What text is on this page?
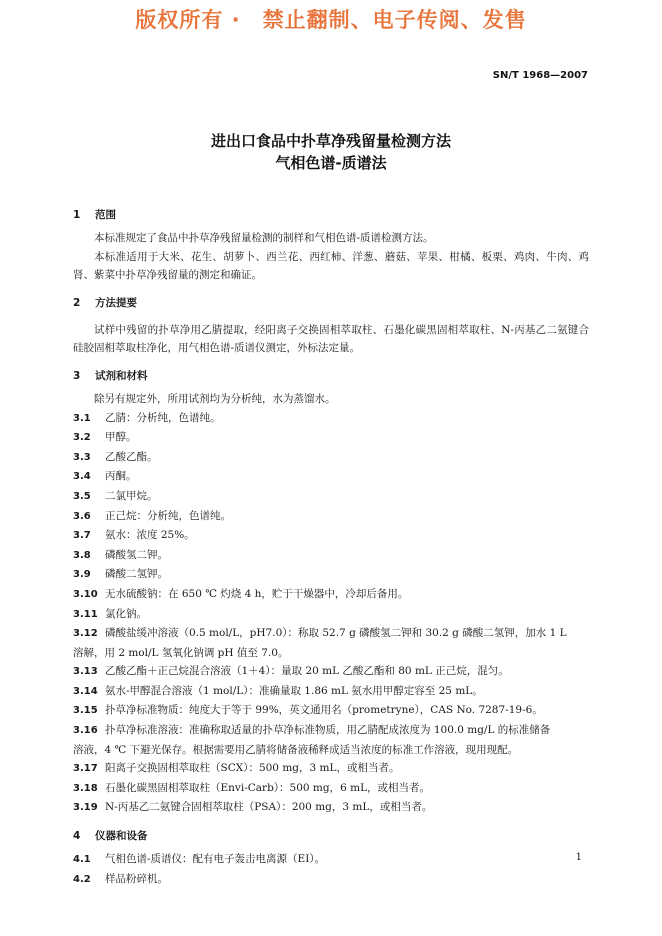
版权所有 ·　禁止翻制、电子传阅、发售
SN/T 1968—2007
进出口食品中扑草净残留量检测方法
气相色谱-质谱法

1 范围

本标准规定了食品中扑草净残留量检测的制样和气相色谱-质谱检测方法。

本标准适用于大米、花生、胡萝卜、西兰花、西红柿、洋葱、蘑菇、苹果、柑橘、板栗、鸡肉、牛肉、鸡肾、紫菜中扑草净残留量的测定和确证。

2 方法提要

试样中残留的扑草净用乙腈提取，经阳离子交换固相萃取柱、石墨化碳黑固相萃取柱、N-丙基乙二氨键合硅胶固相萃取柱净化，用气相色谱-质谱仪测定，外标法定量。

3 试剂和材料

除另有规定外，所用试剂均为分析纯，水为蒸馏水。

3.1 乙腈：分析纯，色谱纯。

3.2 甲醇。

3.3 乙酸乙酯。

3.4 丙酮。

3.5 二氯甲烷。

3.6 正己烷：分析纯，色谱纯。

3.7 氨水：浓度 25%。

3.8 磷酸氢二钾。

3.9 磷酸二氢钾。

3.10 无水硫酸钠：在 650 ℃ 灼烧 4 h，贮于干燥器中，冷却后备用。

3.11 氯化钠。

3.12 磷酸盐缓冲溶液（0.5 mol/L，pH7.0）：称取 52.7 g 磷酸氢二钾和 30.2 g 磷酸二氢钾，加水 1 L

溶解，用 2 mol/L 氢氧化钠调 pH 值至 7.0。

3.13 乙酸乙酯＋正己烷混合溶液（1＋4）：量取 20 mL 乙酸乙酯和 80 mL 正己烷，混匀。

3.14 氨水-甲醇混合溶液（1 mol/L）：准确量取 1.86 mL 氨水用甲醇定容至 25 mL。

3.15 扑草净标准物质：纯度大于等于 99%，英文通用名（prometryne），CAS No. 7287-19-6。

3.16 扑草净标准溶液：准确称取适量的扑草净标准物质，用乙腈配成浓度为 100.0 mg/L 的标准储备

溶液，4 ℃ 下避光保存。根据需要用乙腈将储备液稀释成适当浓度的标准工作溶液，现用现配。

3.17 阳离子交换固相萃取柱（SCX）：500 mg，3 mL，或相当者。

3.18 石墨化碳黑固相萃取柱（Envi-Carb）：500 mg，6 mL，或相当者。

3.19 N-丙基乙二氨键合固相萃取柱（PSA）：200 mg，3 mL，或相当者。

4 仪器和设备

4.1 气相色谱-质谱仪：配有电子轰击电离源（EI）。

4.2 样品粉碎机。

1
